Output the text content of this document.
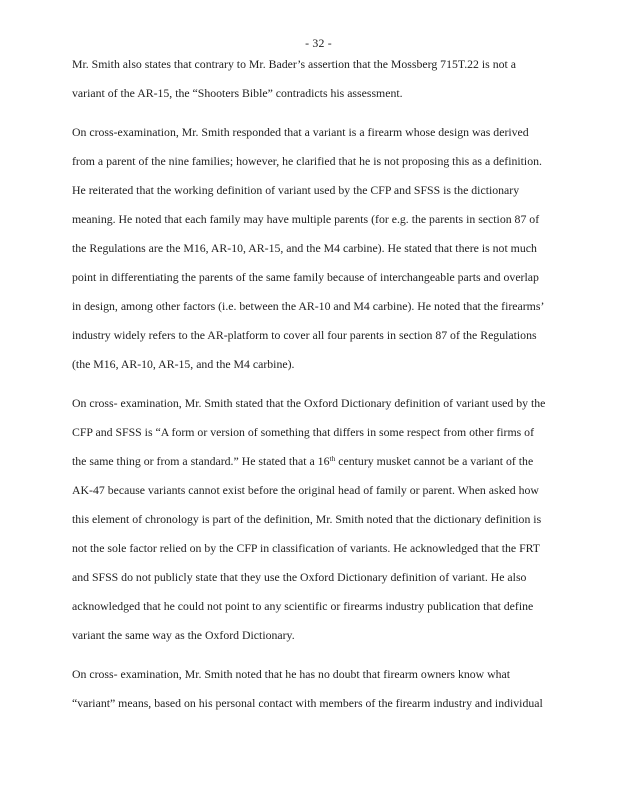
- 32 -
Mr. Smith also states that contrary to Mr. Bader’s assertion that the Mossberg 715T.22 is not a
variant of the AR-15, the “Shooters Bible” contradicts his assessment.
On cross-examination, Mr. Smith responded that a variant is a firearm whose design was derived
from a parent of the nine families; however, he clarified that he is not proposing this as a definition.
He reiterated that the working definition of variant used by the CFP and SFSS is the dictionary
meaning. He noted that each family may have multiple parents (for e.g. the parents in section 87 of
the Regulations are the M16, AR-10, AR-15, and the M4 carbine). He stated that there is not much
point in differentiating the parents of the same family because of interchangeable parts and overlap
in design, among other factors (i.e. between the AR-10 and M4 carbine). He noted that the firearms’
industry widely refers to the AR-platform to cover all four parents in section 87 of the Regulations
(the M16, AR-10, AR-15, and the M4 carbine).
On cross- examination, Mr. Smith stated that the Oxford Dictionary definition of variant used by the
CFP and SFSS is “A form or version of something that differs in some respect from other firms of
the same thing or from a standard.” He stated that a 16th century musket cannot be a variant of the
AK-47 because variants cannot exist before the original head of family or parent. When asked how
this element of chronology is part of the definition, Mr. Smith noted that the dictionary definition is
not the sole factor relied on by the CFP in classification of variants. He acknowledged that the FRT
and SFSS do not publicly state that they use the Oxford Dictionary definition of variant. He also
acknowledged that he could not point to any scientific or firearms industry publication that define
variant the same way as the Oxford Dictionary.
On cross- examination, Mr. Smith noted that he has no doubt that firearm owners know what
“variant” means, based on his personal contact with members of the firearm industry and individual
